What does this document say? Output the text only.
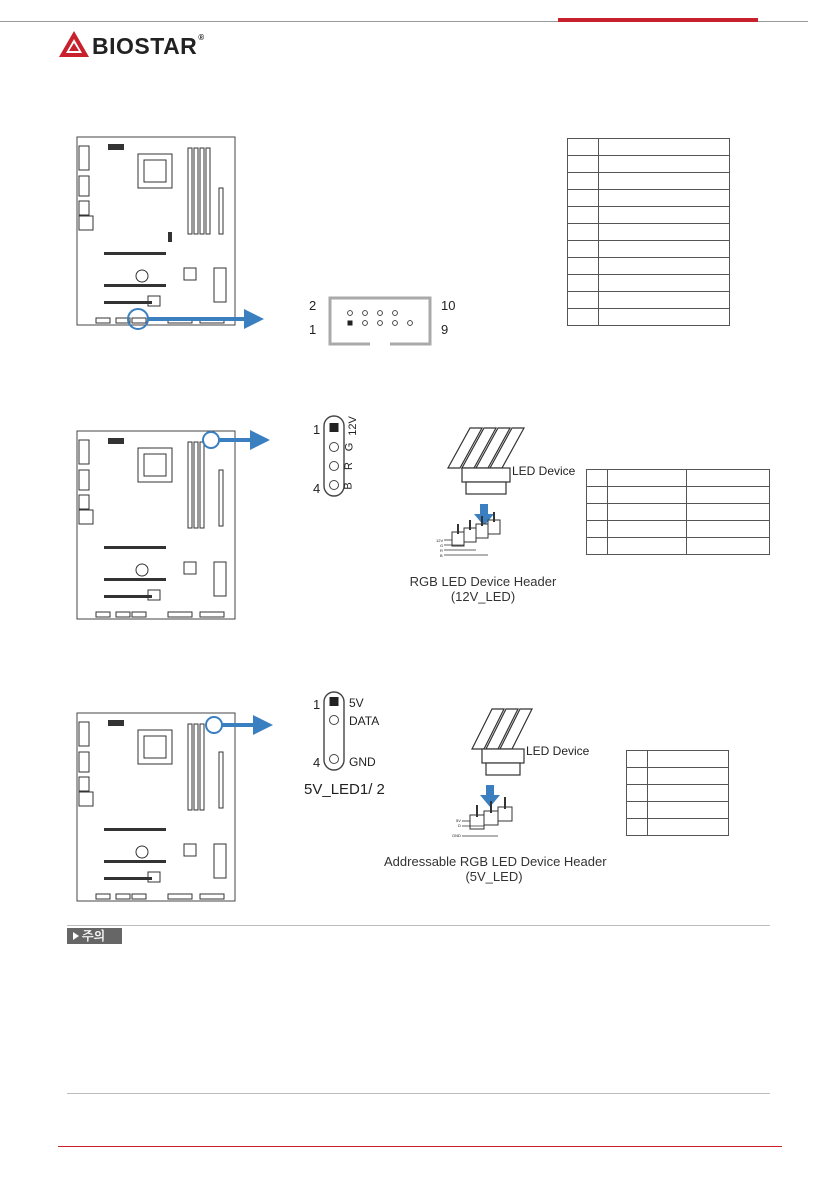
BIOSTAR®
2	10
1	9

1
4
12V
G
R
B
LED Device
12V
G
R
B
RGB LED Device Header
(12V_LED)

1
4
5V
DATA
GND
5V_LED1/ 2
LED Device
5V
D
GND
Addressable RGB LED Device Header
(5V_LED)

주의
